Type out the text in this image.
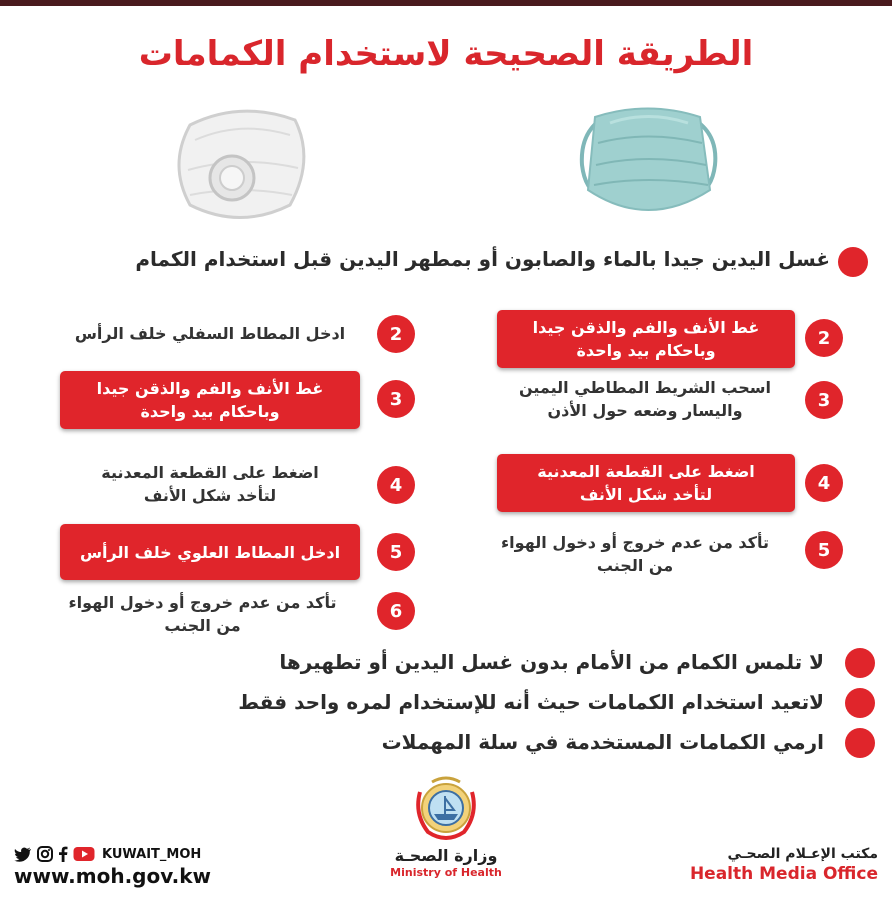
الطريقة الصحيحة لاستخدام الكمامات
غسل اليدين جيدا بالماء والصابون أو بمطهر اليدين قبل استخدام الكمام
2
غط الأنف والفم والذقن جيدا
وباحكام بيد واحدة
3
اسحب الشريط المطاطي اليمين
واليسار وضعه حول الأذن
4
اضغط على القطعة المعدنية
لتأخد شكل الأنف
5
تأكد من عدم خروج أو دخول الهواء
من الجنب
2
ادخل المطاط السفلي خلف الرأس
3
غط الأنف والفم والذقن جيدا
وباحكام بيد واحدة
4
اضغط على القطعة المعدنية
لتأخد شكل الأنف
5
ادخل المطاط العلوي خلف الرأس
6
تأكد من عدم خروج أو دخول الهواء
من الجنب
لا تلمس الكمام من الأمام بدون غسل اليدين أو تطهيرها
لاتعيد استخدام الكمامات حيث أنه للإستخدام لمره واحد فقط
ارمي الكمامات المستخدمة في سلة المهملات
وزارة الصحـة
Ministry of Health
KUWAIT_MOH
www.moh.gov.kw
مكتب الإعـلام الصحـي
Health Media Office
